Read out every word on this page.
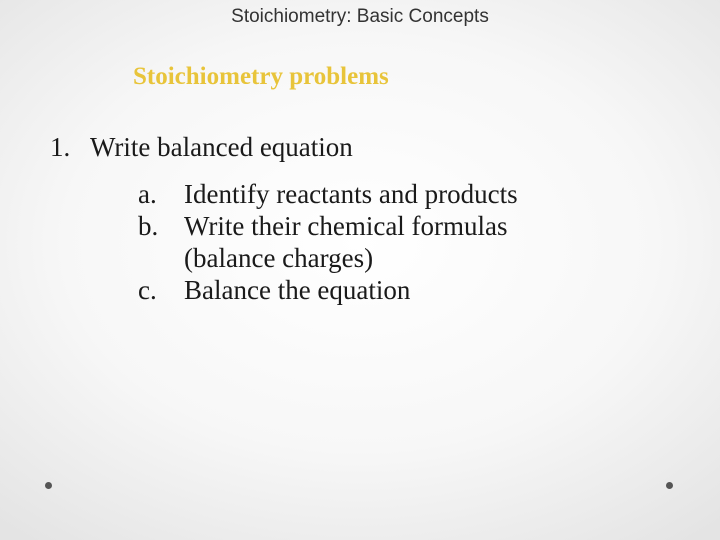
Stoichiometry: Basic Concepts
Stoichiometry problems
1. Write balanced equation
a. Identify reactants and products
b. Write their chemical formulas
(balance charges)
c. Balance the equation
